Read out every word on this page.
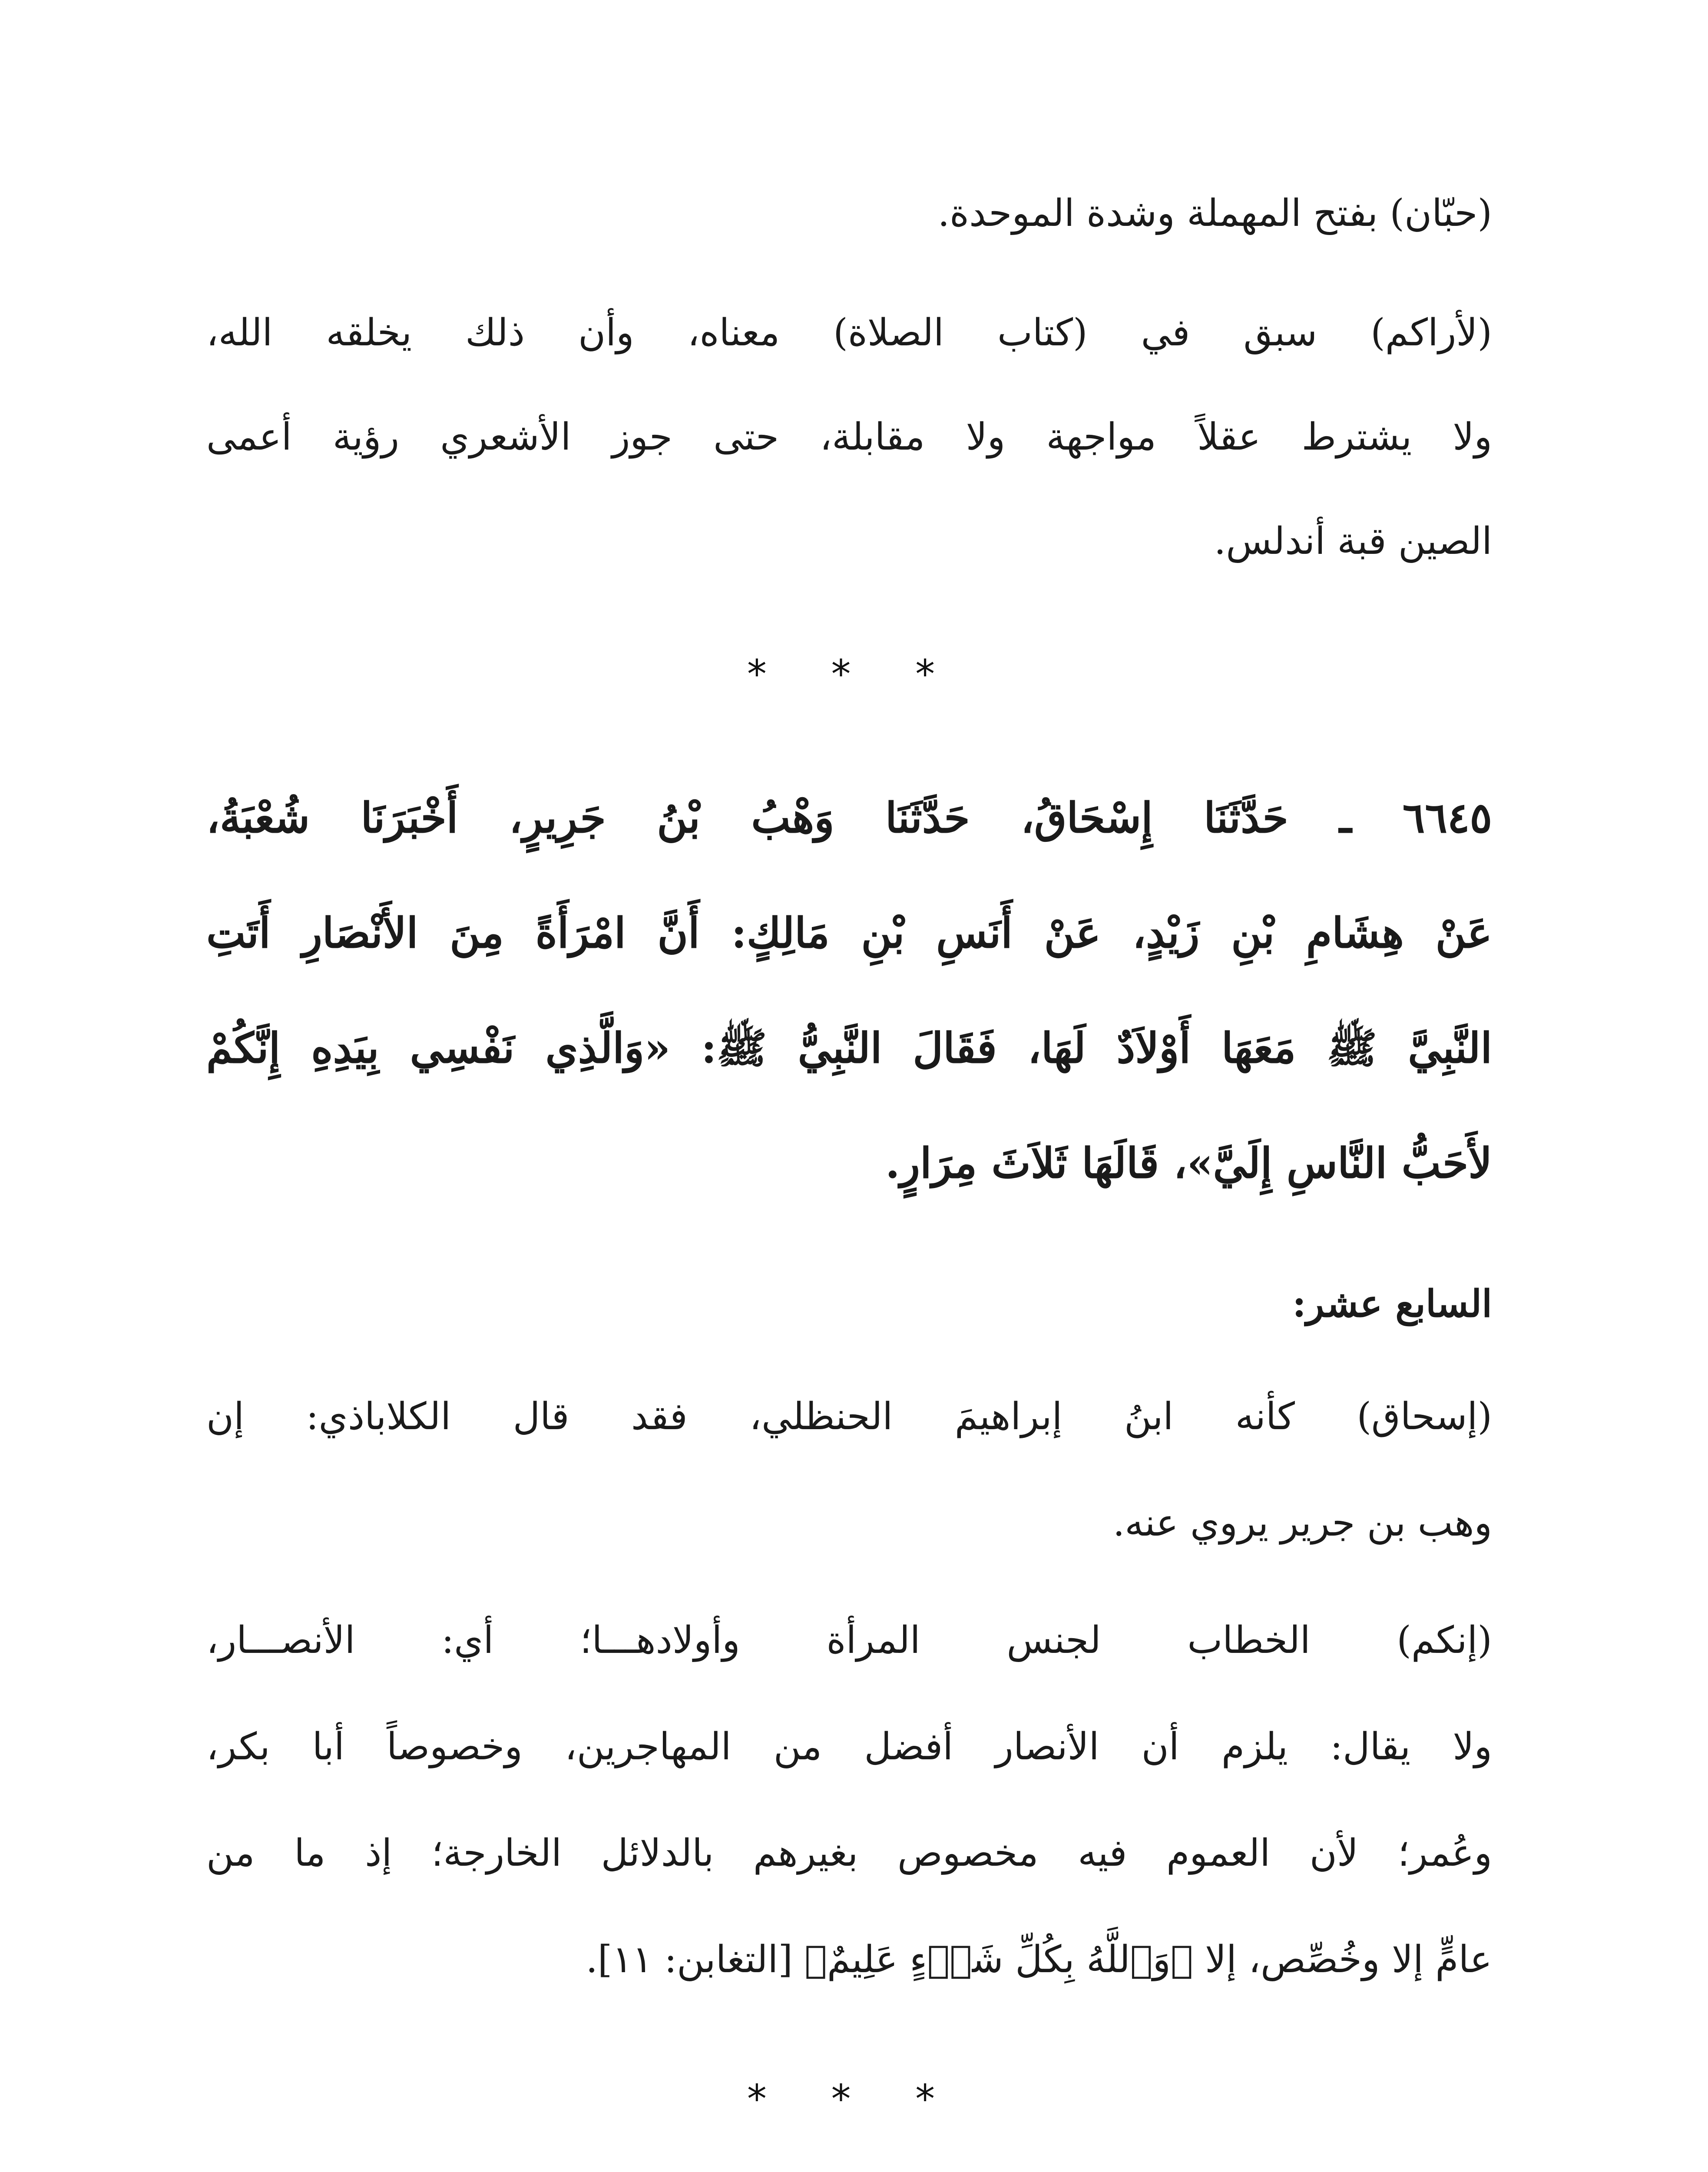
(حبّان) بفتح المهملة وشدة الموحدة.
(لأراكم) سبق في (كتاب الصلاة) معناه، وأن ذلك يخلقه الله،
ولا يشترط عقلاً مواجهة ولا مقابلة، حتى جوز الأشعري رؤية أعمى
الصين قبة أندلس.
* * *
٦٦٤٥ ـ حَدَّثَنَا إِسْحَاقُ، حَدَّثَنَا وَهْبُ بْنُ جَرِيرٍ، أَخْبَرَنَا شُعْبَةُ،
عَنْ هِشَامِ بْنِ زَيْدٍ، عَنْ أَنَسِ بْنِ مَالِكٍ: أَنَّ امْرَأَةً مِنَ الأَنْصَارِ أَتَتِ
النَّبِيَّ ﷺ مَعَهَا أَوْلاَدٌ لَهَا، فَقَالَ النَّبِيُّ ﷺ: «وَالَّذِي نَفْسِي بِيَدِهِ إِنَّكُمْ
لأَحَبُّ النَّاسِ إِلَيَّ»، قَالَهَا ثَلاَثَ مِرَارٍ.
السابع عشر:
(إسحاق) كأنه ابنُ إبراهيمَ الحنظلي، فقد قال الكلاباذي: إن
وهب بن جرير يروي عنه.
(إنكم) الخطاب لجنس المرأة وأولادهـــا؛ أي: الأنصـــار،
ولا يقال: يلزم أن الأنصار أفضل من المهاجرين، وخصوصاً أبا بكر،
وعُمر؛ لأن العموم فيه مخصوص بغيرهم بالدلائل الخارجة؛ إذ ما من
عامٍّ إلا وخُصِّص، إلا ﴿وَٱللَّهُ بِكُلِّ شَىۡءٍ عَلِيمٌ﴾ [التغابن: ١١].
* * *
